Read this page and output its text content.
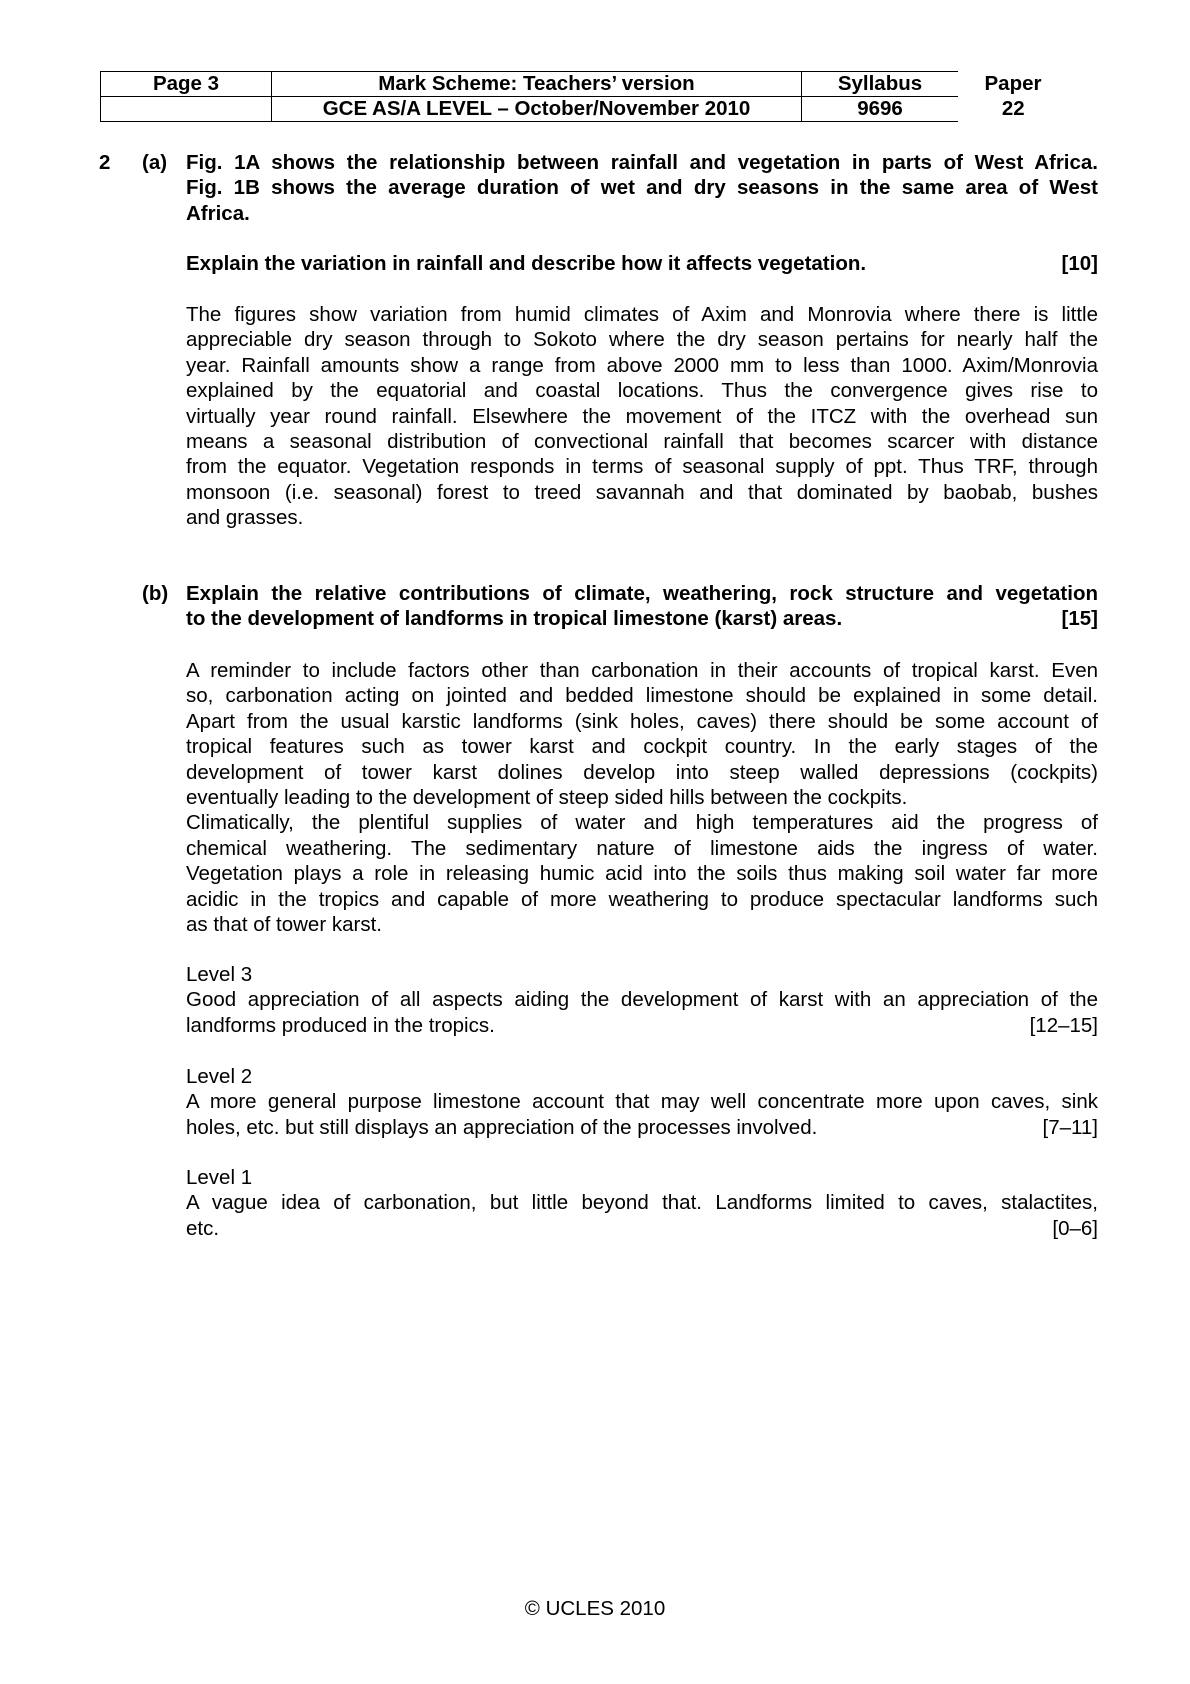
Page 3	Mark Scheme: Teachers’ version	Syllabus	Paper
	GCE AS/A LEVEL – October/November 2010	9696	22
2 (a) Fig. 1A shows the relationship between rainfall and vegetation in parts of West Africa.
Fig. 1B shows the average duration of wet and dry seasons in the same area of West
Africa.
Explain the variation in rainfall and describe how it affects vegetation.	[10]
The figures show variation from humid climates of Axim and Monrovia where there is little
appreciable dry season through to Sokoto where the dry season pertains for nearly half the
year. Rainfall amounts show a range from above 2000 mm to less than 1000. Axim/Monrovia
explained by the equatorial and coastal locations. Thus the convergence gives rise to
virtually year round rainfall. Elsewhere the movement of the ITCZ with the overhead sun
means a seasonal distribution of convectional rainfall that becomes scarcer with distance
from the equator. Vegetation responds in terms of seasonal supply of ppt. Thus TRF, through
monsoon (i.e. seasonal) forest to treed savannah and that dominated by baobab, bushes
and grasses.
(b) Explain the relative contributions of climate, weathering, rock structure and vegetation
to the development of landforms in tropical limestone (karst) areas.	[15]
A reminder to include factors other than carbonation in their accounts of tropical karst. Even
so, carbonation acting on jointed and bedded limestone should be explained in some detail.
Apart from the usual karstic landforms (sink holes, caves) there should be some account of
tropical features such as tower karst and cockpit country. In the early stages of the
development of tower karst dolines develop into steep walled depressions (cockpits)
eventually leading to the development of steep sided hills between the cockpits.
Climatically, the plentiful supplies of water and high temperatures aid the progress of
chemical weathering. The sedimentary nature of limestone aids the ingress of water.
Vegetation plays a role in releasing humic acid into the soils thus making soil water far more
acidic in the tropics and capable of more weathering to produce spectacular landforms such
as that of tower karst.
Level 3
Good appreciation of all aspects aiding the development of karst with an appreciation of the
landforms produced in the tropics.	[12–15]
Level 2
A more general purpose limestone account that may well concentrate more upon caves, sink
holes, etc. but still displays an appreciation of the processes involved.	[7–11]
Level 1
A vague idea of carbonation, but little beyond that. Landforms limited to caves, stalactites,
etc.	[0–6]
© UCLES 2010
